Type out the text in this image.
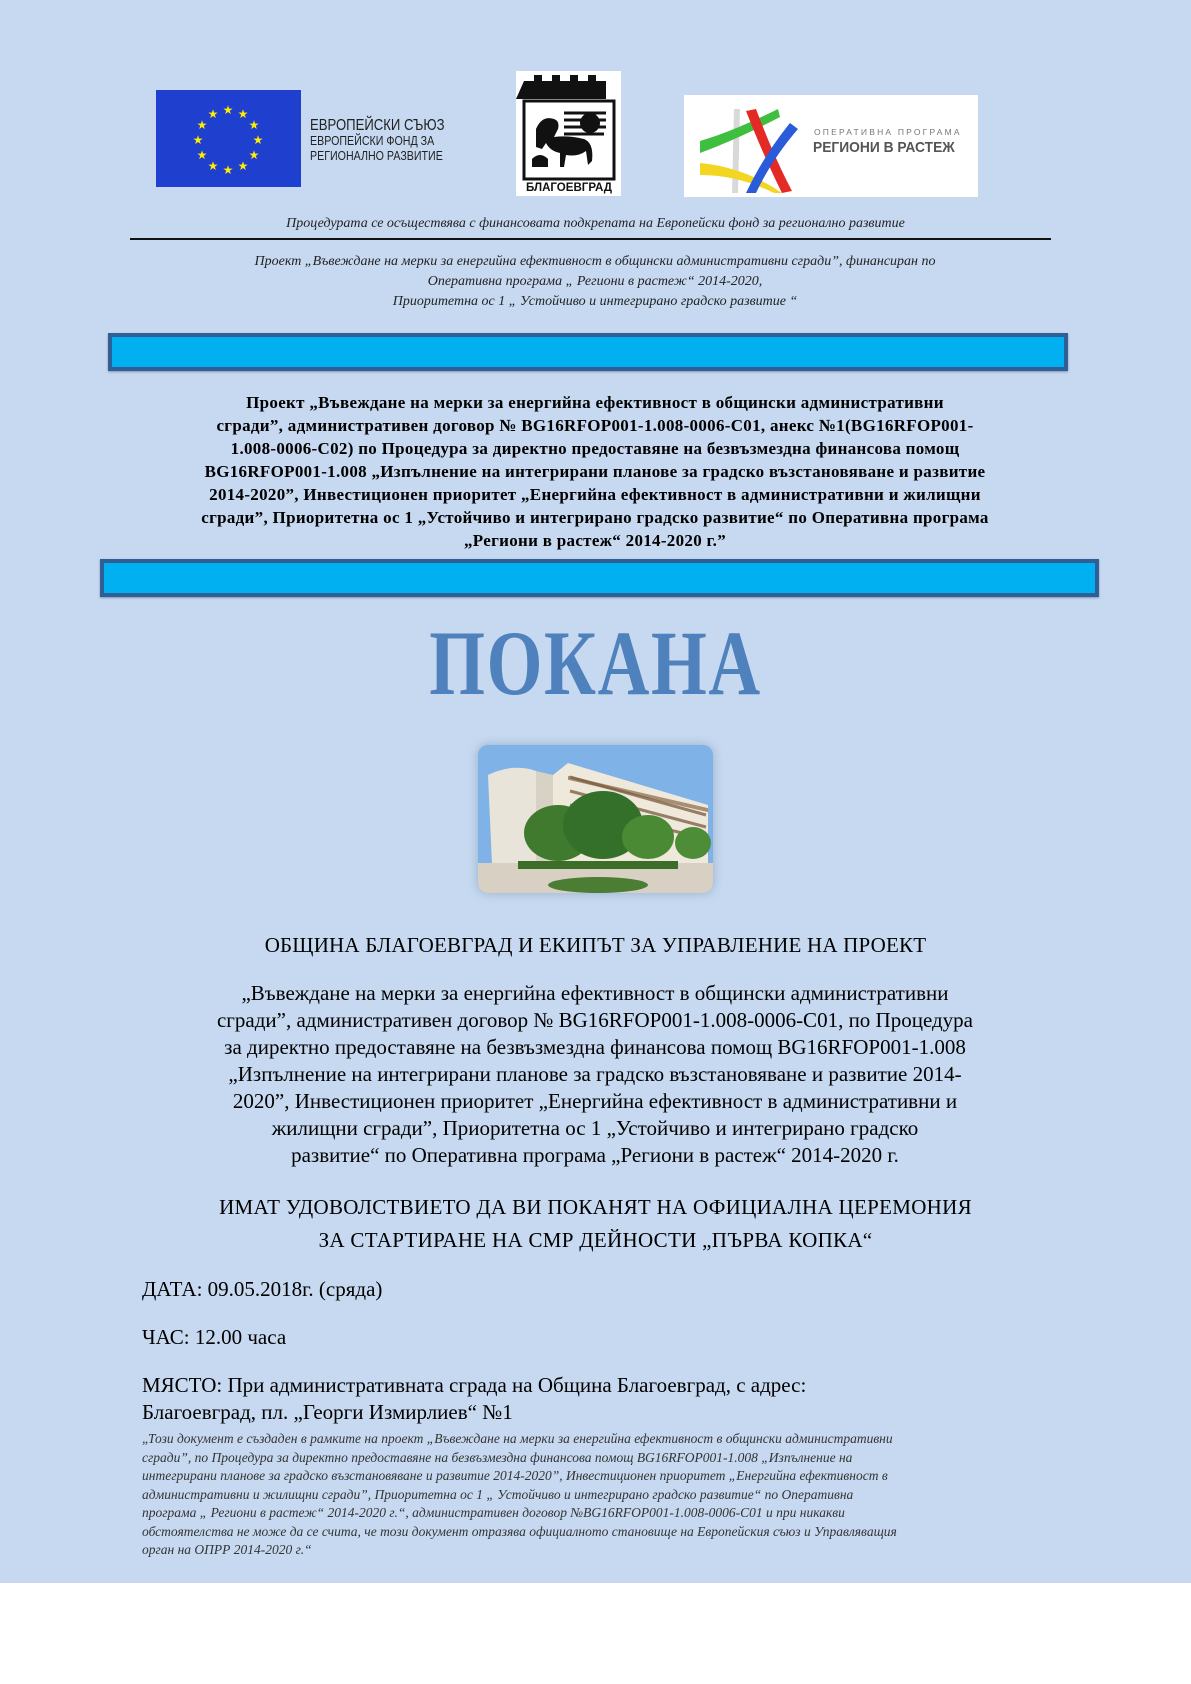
★ ★
★
★
★
★
★
★
★
★
★
★
ЕВРОПЕЙСКИ СЪЮЗ
ЕВРОПЕЙСКИ ФОНД ЗА
РЕГИОНАЛНО РАЗВИТИЕ
БЛАГОЕВГРАД
ОПЕРАТИВНА ПРОГРАМА
РЕГИОНИ В РАСТЕЖ
Процедурата се осъществява с финансовата подкрепата на Европейски фонд за регионално развитие
Проект „Въвеждане на мерки за енергийна ефективност в общински административни сгради”, финансиран по
Оперативна програма „ Региони в растеж“ 2014-2020,
Приоритетна ос 1 „ Устойчиво и интегрирано градско развитие “
Проект „Въвеждане на мерки за енергийна ефективност в общински административни
сгради”, административен договор № BG16RFOP001-1.008-0006-C01, анекс №1(BG16RFOP001-
1.008-0006-C02) по Процедура за директно предоставяне на безвъзмездна финансова помощ
BG16RFOP001-1.008 „Изпълнение на интегрирани планове за градско възстановяване и развитие
2014-2020”, Инвестиционен приоритет „Енергийна ефективност в административни и жилищни
сгради”, Приоритетна ос 1 „Устойчиво и интегрирано градско развитие“ по Оперативна програма
„Региони в растеж“ 2014-2020 г.”
ПОКАНА
ОБЩИНА БЛАГОЕВГРАД И ЕКИПЪТ ЗА УПРАВЛЕНИЕ НА ПРОЕКТ
„Въвеждане на мерки за енергийна ефективност в общински административни
сгради”, административен договор № BG16RFOP001-1.008-0006-C01, по Процедура
за директно предоставяне на безвъзмездна финансова помощ BG16RFOP001-1.008
„Изпълнение на интегрирани планове за градско възстановяване и развитие 2014-
2020”, Инвестиционен приоритет „Енергийна ефективност в административни и
жилищни сгради”, Приоритетна ос 1 „Устойчиво и интегрирано градско
развитие“ по Оперативна програма „Региони в растеж“ 2014-2020 г.
ИМАТ УДОВОЛСТВИЕТО ДА ВИ ПОКАНЯТ НА ОФИЦИАЛНА ЦЕРЕМОНИЯ
ЗА СТАРТИРАНЕ НА СМР ДЕЙНОСТИ „ПЪРВА КОПКА“
ДАТА: 09.05.2018г. (сряда)
ЧАС: 12.00 часа
МЯСТО: При административната сграда на Община Благоевград, с адрес:
Благоевград, пл. „Георги Измирлиев“ №1
„Този документ е създаден в рамките на проект „Въвеждане на мерки за енергийна ефективност в общински административни
сгради”, по Процедура за директно предоставяне на безвъзмездна финансова помощ BG16RFOP001-1.008 „Изпълнение на
интегрирани планове за градско възстановяване и развитие 2014-2020”, Инвестиционен приоритет „Енергийна ефективност в
административни и жилищни сгради”, Приоритетна ос 1 „ Устойчиво и интегрирано градско развитие“ по Оперативна
програма „ Региони в растеж“ 2014-2020 г.“, административен договор №BG16RFOP001-1.008-0006-C01 и при никакви
обстоятелства не може да се счита, че този документ отразява официалното становище на Европейския съюз и Управляващия
орган на ОПРР 2014-2020 г.“
